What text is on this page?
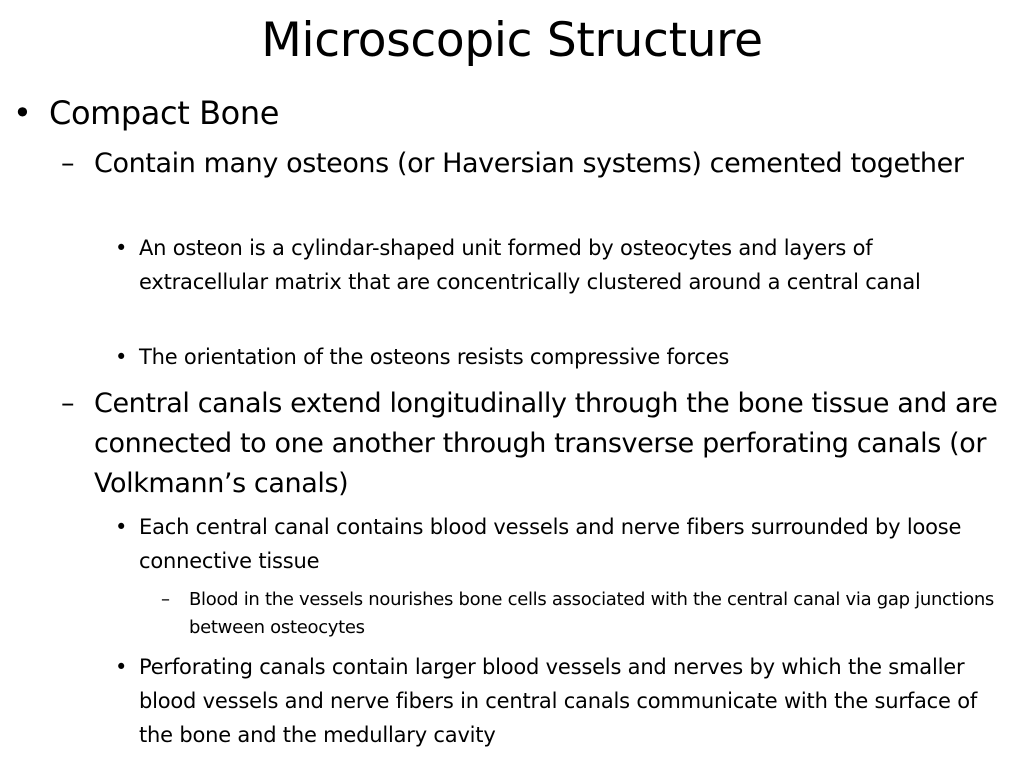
Microscopic Structure
• Compact Bone
– Contain many osteons (or Haversian systems) cemented together
• An osteon is a cylindar-shaped unit formed by osteocytes and layers of extracellular matrix that are concentrically clustered around a central canal
• The orientation of the osteons resists compressive forces
– Central canals extend longitudinally through the bone tissue and are connected to one another through transverse perforating canals (or Volkmann’s canals)
• Each central canal contains blood vessels and nerve fibers surrounded by loose connective tissue
– Blood in the vessels nourishes bone cells associated with the central canal via gap junctions between osteocytes
• Perforating canals contain larger blood vessels and nerves by which the smaller blood vessels and nerve fibers in central canals communicate with the surface of the bone and the medullary cavity
